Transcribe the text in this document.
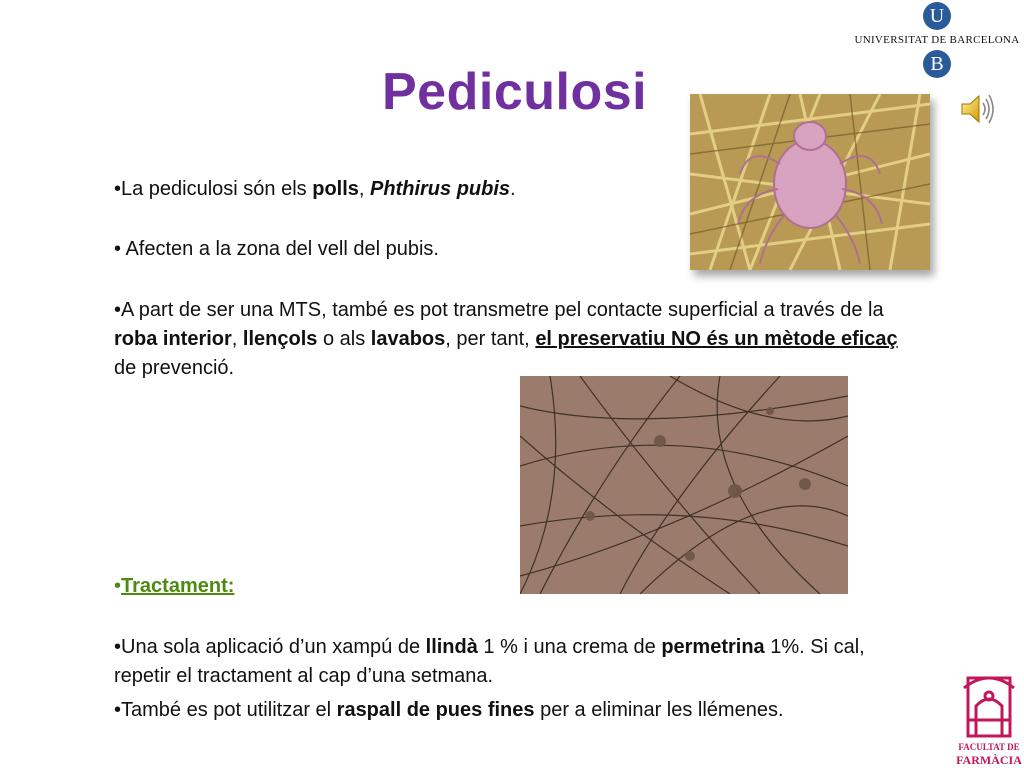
Pediculosi
U
UNIVERSITAT DE BARCELONA
B
•La pediculosi són els polls, Phthirus pubis.
• Afecten a la zona del vell del pubis.
•A part de ser una MTS, també es pot transmetre pel contacte superficial a través de la roba interior, llençols o als lavabos, per tant, el preservatiu NO és un mètode eficaç de prevenció.
•Tractament:
•Una sola aplicació d’un xampú de llindà 1 % i una crema de permetrina 1%. Si cal, repetir el tractament al cap d’una setmana.
•També es pot utilitzar el raspall de pues fines per a eliminar les llémenes.
FACULTAT DE
FARMÀCIA
